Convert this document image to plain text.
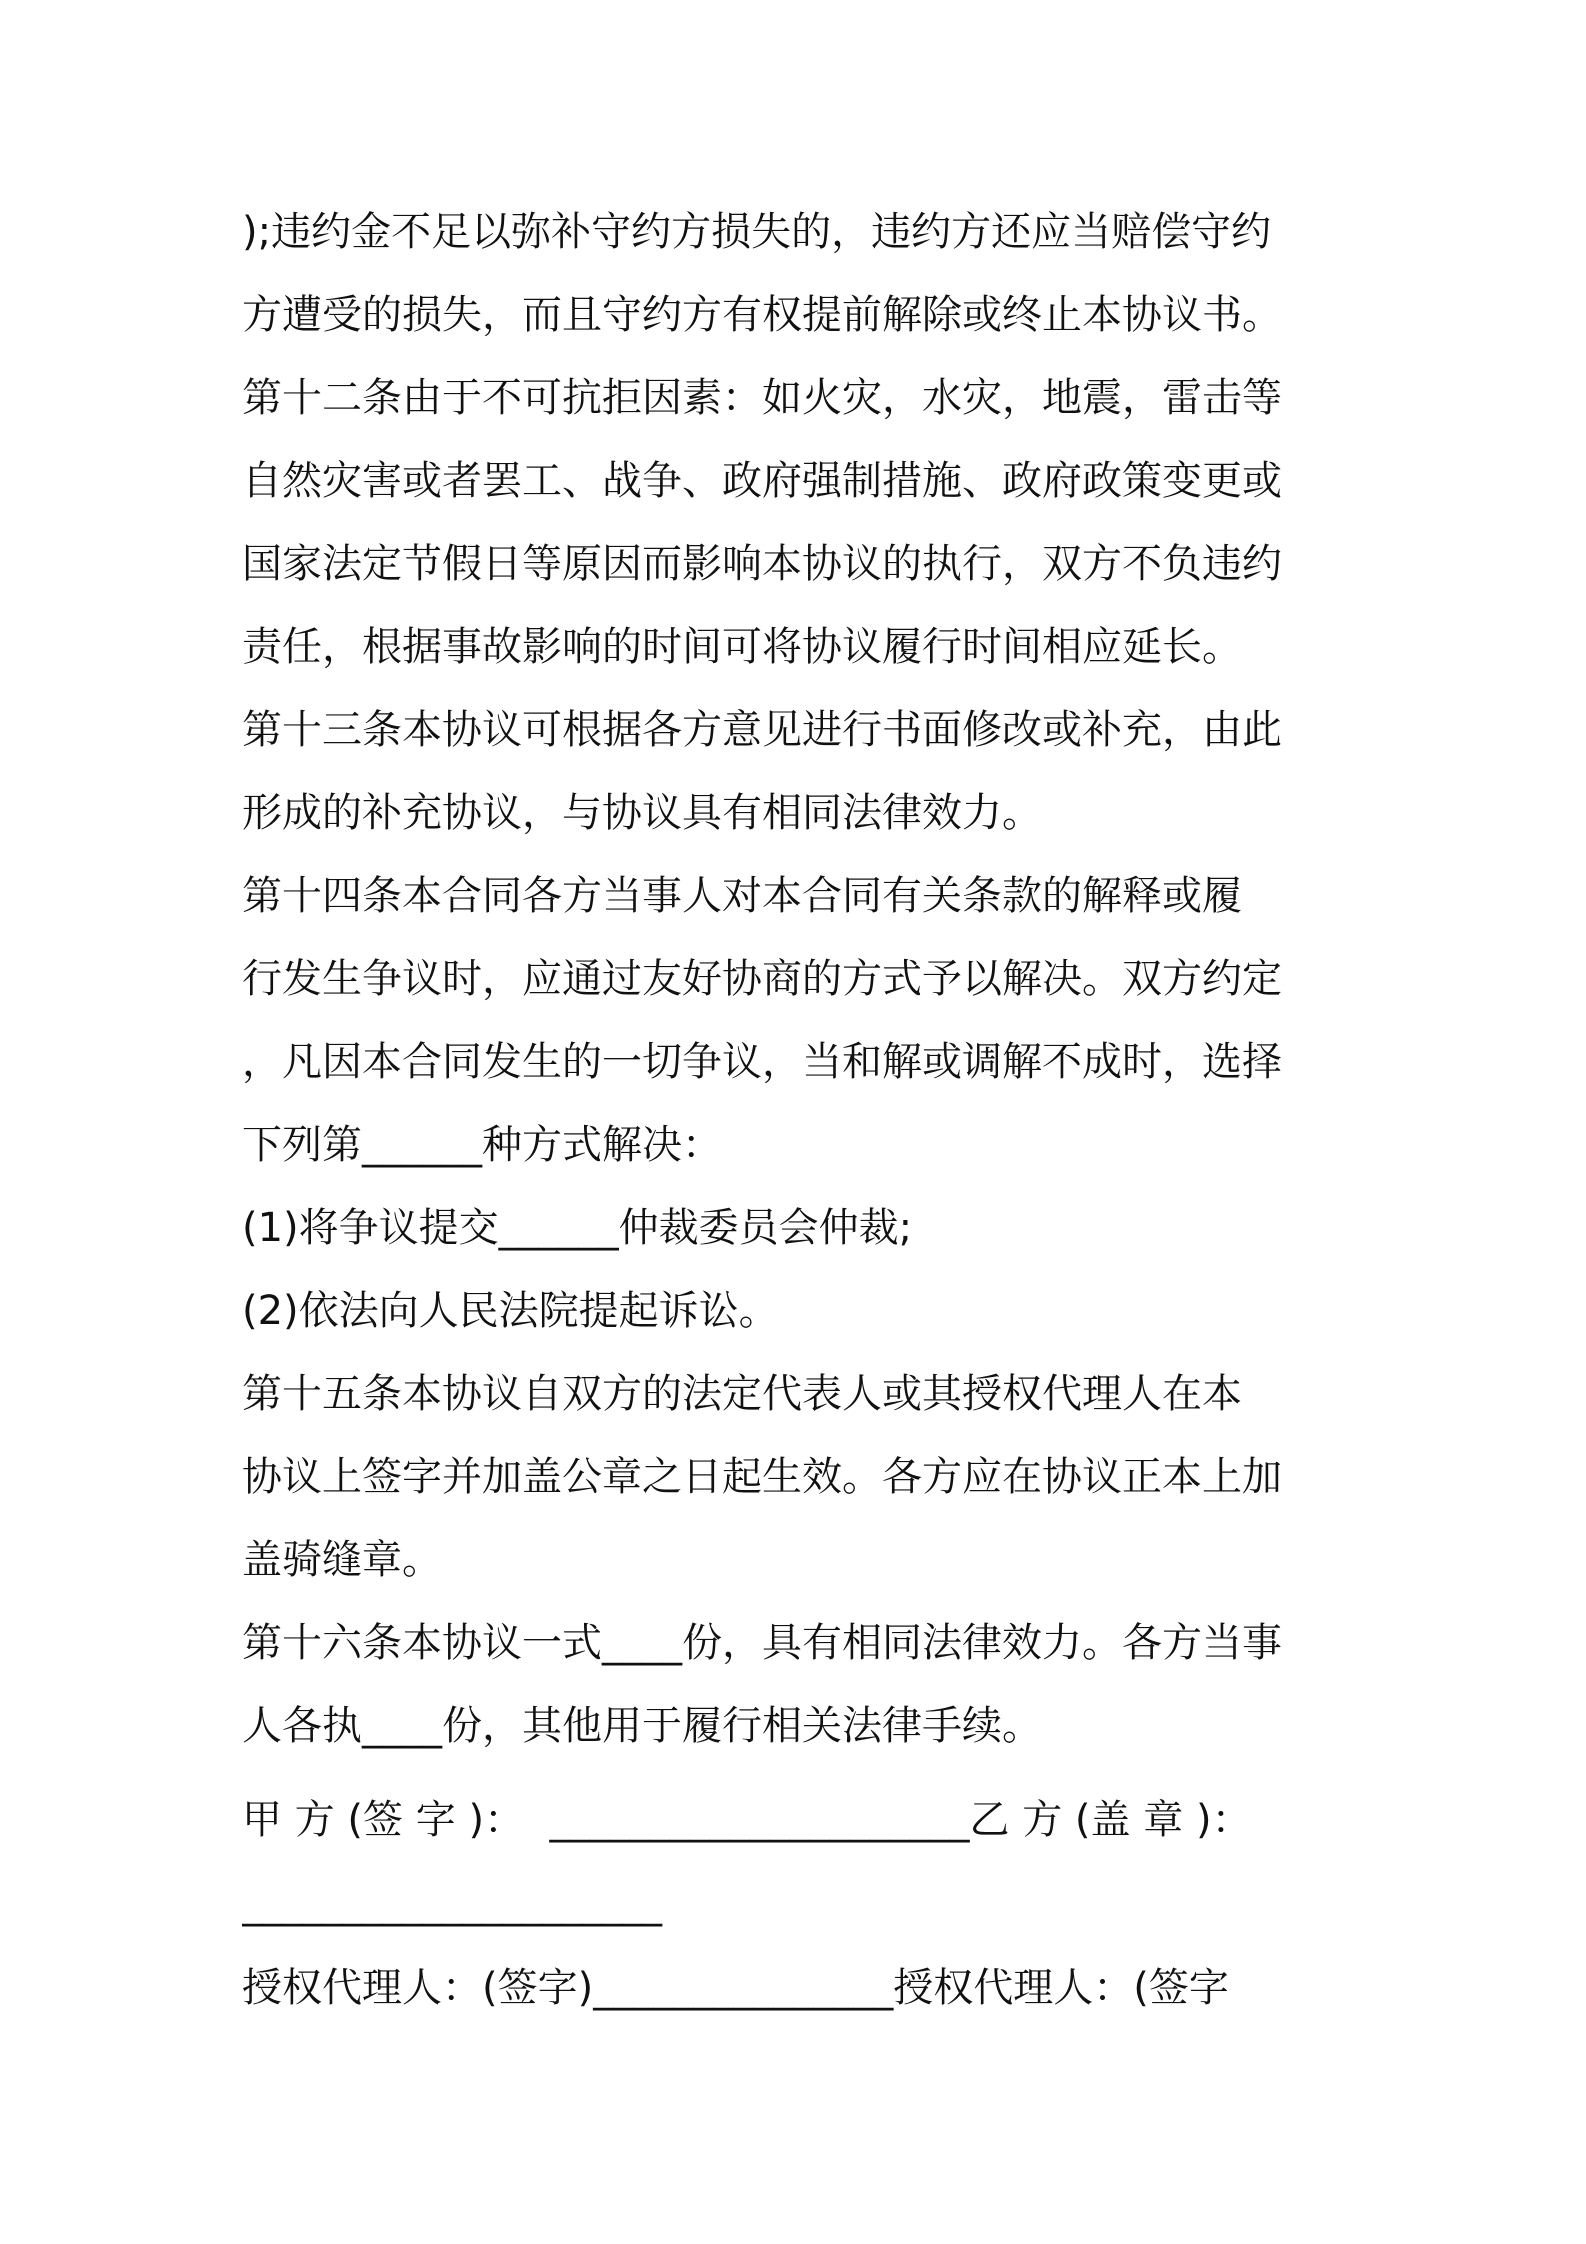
);违约金不足以弥补守约方损失的，违约方还应当赔偿守约
方遭受的损失，而且守约方有权提前解除或终止本协议书。
第十二条由于不可抗拒因素：如火灾，水灾，地震，雷击等
自然灾害或者罢工、战争、政府强制措施、政府政策变更或
国家法定节假日等原因而影响本协议的执行，双方不负违约
责任，根据事故影响的时间可将协议履行时间相应延长。
第十三条本协议可根据各方意见进行书面修改或补充，由此
形成的补充协议，与协议具有相同法律效力。
第十四条本合同各方当事人对本合同有关条款的解释或履
行发生争议时，应通过友好协商的方式予以解决。双方约定
，凡因本合同发生的一切争议，当和解或调解不成时，选择
下列第______种方式解决：
(1)将争议提交______仲裁委员会仲裁;
(2)依法向人民法院提起诉讼。
第十五条本协议自双方的法定代表人或其授权代理人在本
协议上签字并加盖公章之日起生效。各方应在协议正本上加
盖骑缝章。
第十六条本协议一式____份，具有相同法律效力。各方当事
人各执____份，其他用于履行相关法律手续。
甲 方 (签 字 )：  _____________________乙 方 (盖 章 )：
_____________________
授权代理人：(签字)_______________授权代理人：(签字
